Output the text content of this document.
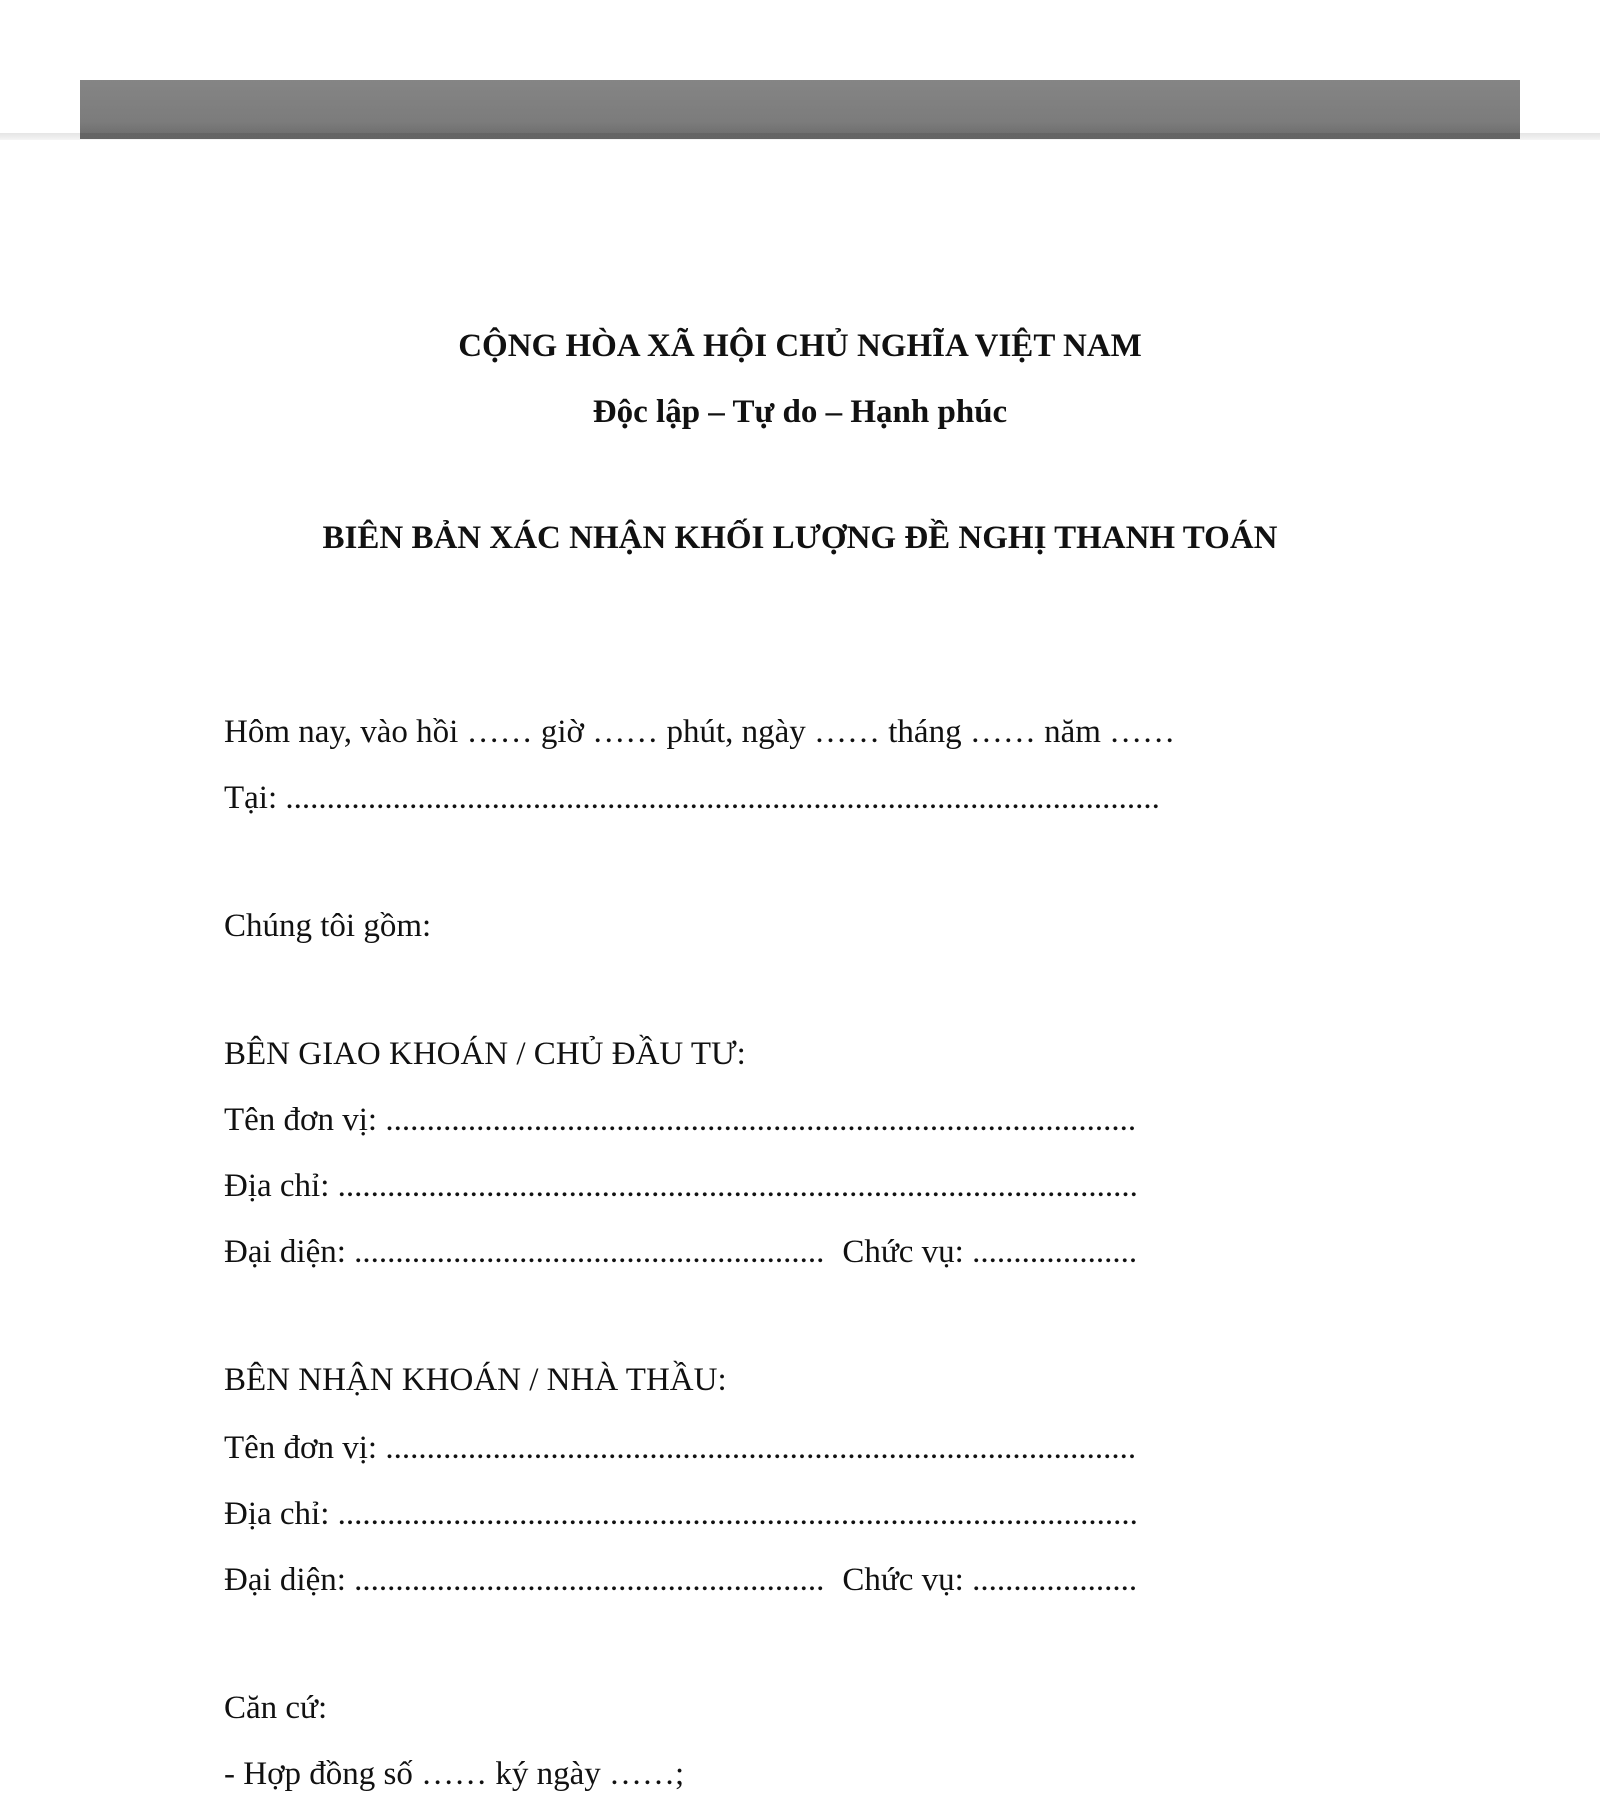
CỘNG HÒA XÃ HỘI CHỦ NGHĨA VIỆT NAM
Độc lập – Tự do – Hạnh phúc
BIÊN BẢN XÁC NHẬN KHỐI LƯỢNG ĐỀ NGHỊ THANH TOÁN
Hôm nay, vào hồi …… giờ …… phút, ngày …… tháng …… năm ……
Tại: ..........................................................................................................
Chúng tôi gồm:
BÊN GIAO KHOÁN / CHỦ ĐẦU TƯ:
Tên đơn vị: ...........................................................................................
Địa chỉ: .................................................................................................
Đại diện: ......................................................... Chức vụ: ....................
BÊN NHẬN KHOÁN / NHÀ THẦU:
Tên đơn vị: ...........................................................................................
Địa chỉ: .................................................................................................
Đại diện: ......................................................... Chức vụ: ....................
Căn cứ:
- Hợp đồng số …… ký ngày ……;
